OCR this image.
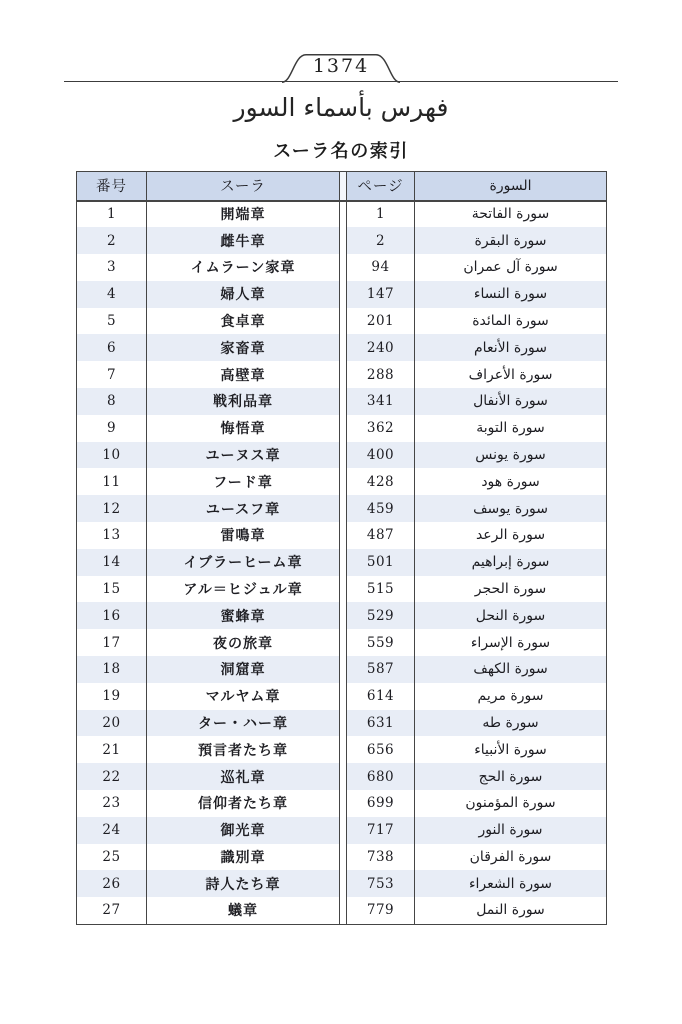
1374
فهرس بأسماء السور
スーラ名の索引
番号	スーラ		ページ	السورة
1	開端章		1	سورة الفاتحة
2	雌牛章		2	سورة البقرة
3	イムラーン家章		94	سورة آل عمران
4	婦人章		147	سورة النساء
5	食卓章		201	سورة المائدة
6	家畜章		240	سورة الأنعام
7	高壁章		288	سورة الأعراف
8	戦利品章		341	سورة الأنفال
9	悔悟章		362	سورة التوبة
10	ユーヌス章		400	سورة يونس
11	フード章		428	سورة هود
12	ユースフ章		459	سورة يوسف
13	雷鳴章		487	سورة الرعد
14	イブラーヒーム章		501	سورة إبراهيم
15	アル＝ヒジュル章		515	سورة الحجر
16	蜜蜂章		529	سورة النحل
17	夜の旅章		559	سورة الإسراء
18	洞窟章		587	سورة الكهف
19	マルヤム章		614	سورة مريم
20	ター・ハー章		631	سورة طه
21	預言者たち章		656	سورة الأنبياء
22	巡礼章		680	سورة الحج
23	信仰者たち章		699	سورة المؤمنون
24	御光章		717	سورة النور
25	識別章		738	سورة الفرقان
26	詩人たち章		753	سورة الشعراء
27	蟻章		779	سورة النمل
